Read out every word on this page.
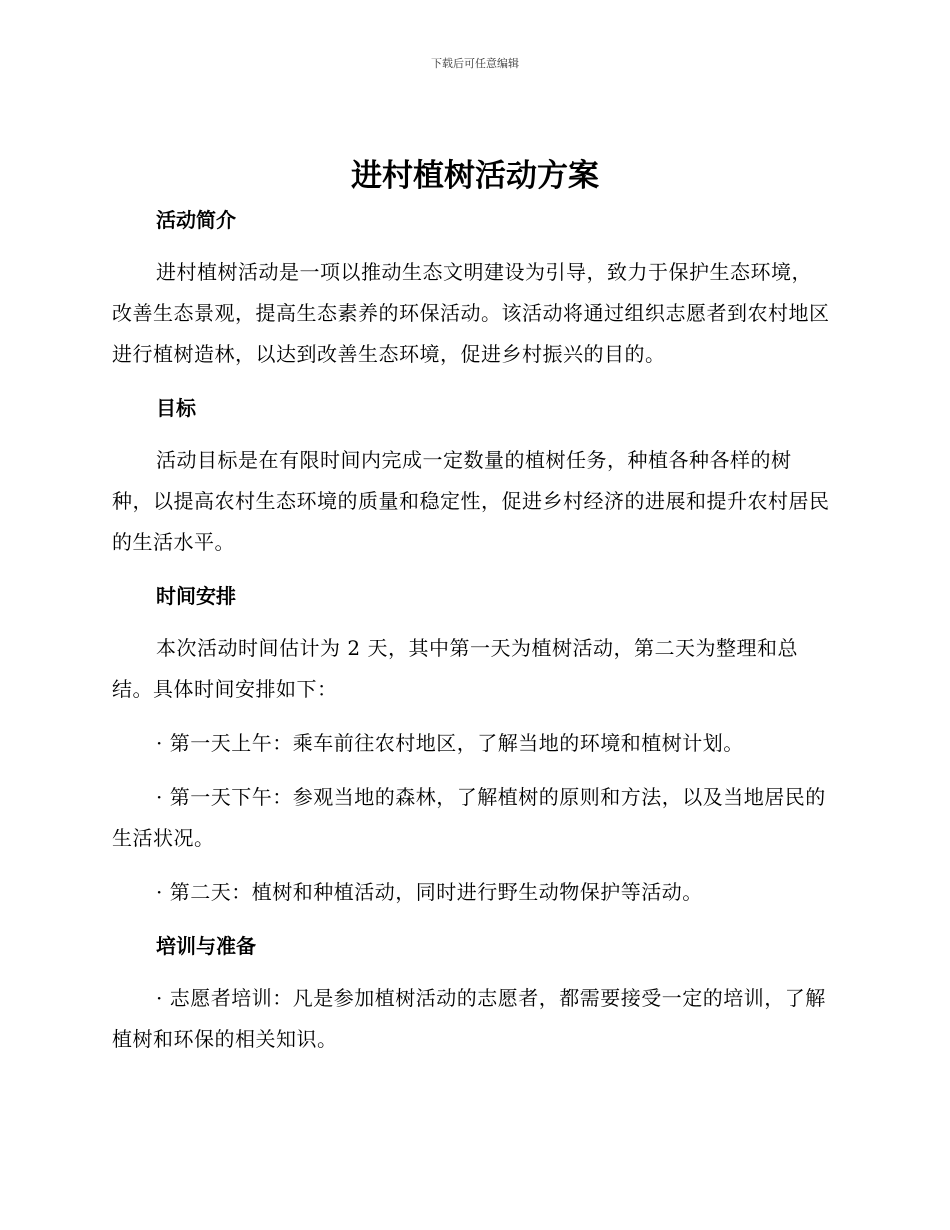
下载后可任意编辑
进村植树活动方案
活动简介

进村植树活动是一项以推动生态文明建设为引导，致力于保护生态环境，改善生态景观，提高生态素养的环保活动。该活动将通过组织志愿者到农村地区进行植树造林，以达到改善生态环境，促进乡村振兴的目的。

目标

活动目标是在有限时间内完成一定数量的植树任务，种植各种各样的树种，以提高农村生态环境的质量和稳定性，促进乡村经济的进展和提升农村居民的生活水平。

时间安排

本次活动时间估计为 2 天，其中第一天为植树活动，第二天为整理和总结。具体时间安排如下：

· 第一天上午：乘车前往农村地区，了解当地的环境和植树计划。

· 第一天下午：参观当地的森林，了解植树的原则和方法，以及当地居民的生活状况。

· 第二天：植树和种植活动，同时进行野生动物保护等活动。

培训与准备

· 志愿者培训：凡是参加植树活动的志愿者，都需要接受一定的培训，了解植树和环保的相关知识。
